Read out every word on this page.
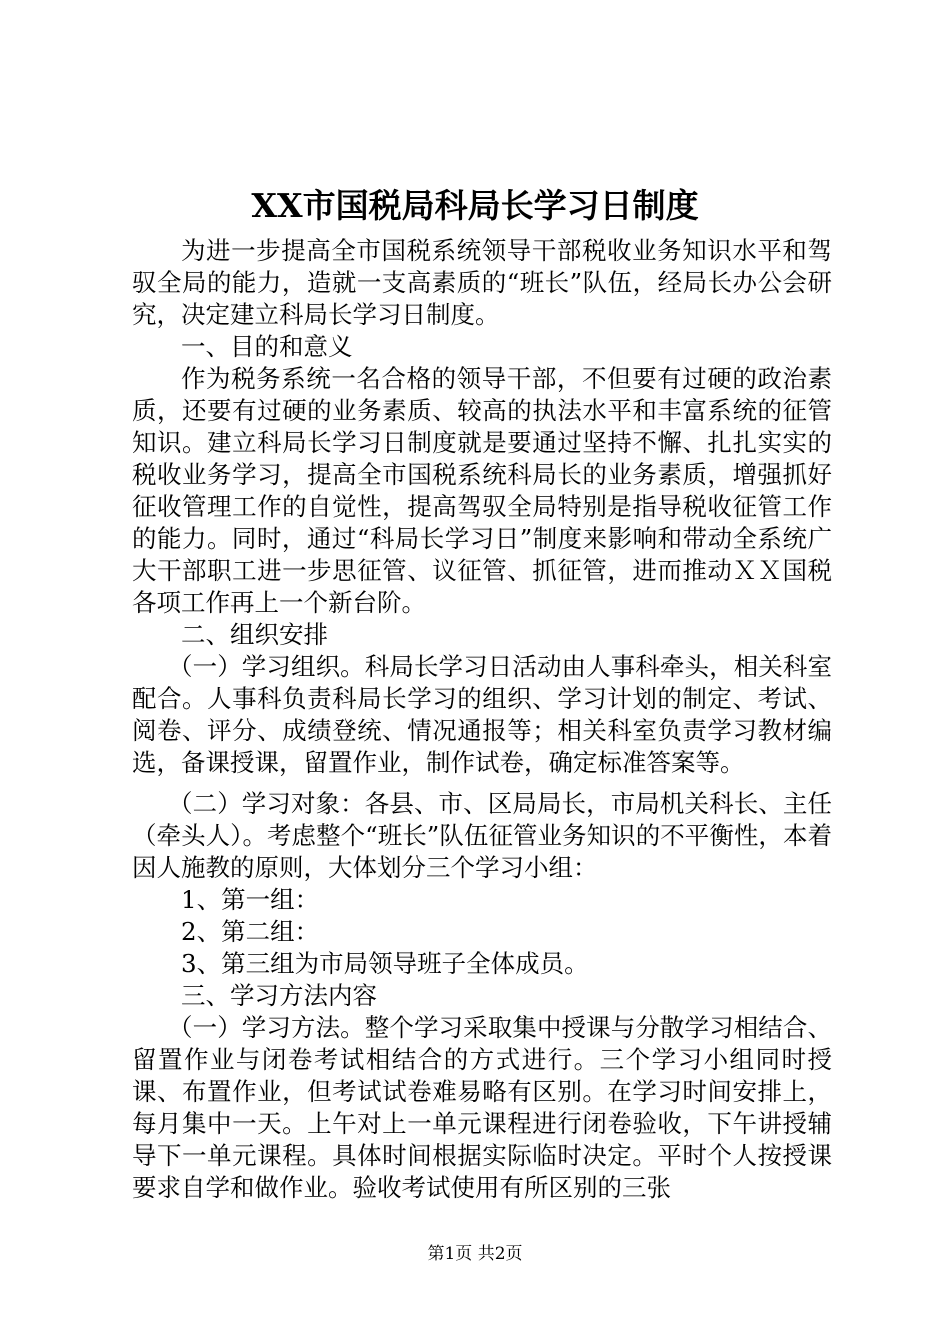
XX市国税局科局长学习日制度

为进一步提高全市国税系统领导干部税收业务知识水平和驾驭全局的能力，造就一支高素质的“班长”队伍，经局长办公会研究，决定建立科局长学习日制度。

一、目的和意义

作为税务系统一名合格的领导干部，不但要有过硬的政治素质，还要有过硬的业务素质、较高的执法水平和丰富系统的征管知识。建立科局长学习日制度就是要通过坚持不懈、扎扎实实的税收业务学习，提高全市国税系统科局长的业务素质，增强抓好征收管理工作的自觉性，提高驾驭全局特别是指导税收征管工作的能力。同时，通过“科局长学习日”制度来影响和带动全系统广大干部职工进一步思征管、议征管、抓征管，进而推动ＸＸ国税各项工作再上一个新台阶。

二、组织安排

（一）学习组织。科局长学习日活动由人事科牵头，相关科室配合。人事科负责科局长学习的组织、学习计划的制定、考试、阅卷、评分、成绩登统、情况通报等；相关科室负责学习教材编选，备课授课，留置作业，制作试卷，确定标准答案等。

（二）学习对象：各县、市、区局局长，市局机关科长、主任（牵头人）。考虑整个“班长”队伍征管业务知识的不平衡性，本着因人施教的原则，大体划分三个学习小组：

1、第一组：

2、第二组：

3、第三组为市局领导班子全体成员。

三、学习方法内容

（一）学习方法。整个学习采取集中授课与分散学习相结合、留置作业与闭卷考试相结合的方式进行。三个学习小组同时授课、布置作业，但考试试卷难易略有区别。在学习时间安排上，每月集中一天。上午对上一单元课程进行闭卷验收，下午讲授辅导下一单元课程。具体时间根据实际临时决定。平时个人按授课要求自学和做作业。验收考试使用有所区别的三张

第1页 共2页
